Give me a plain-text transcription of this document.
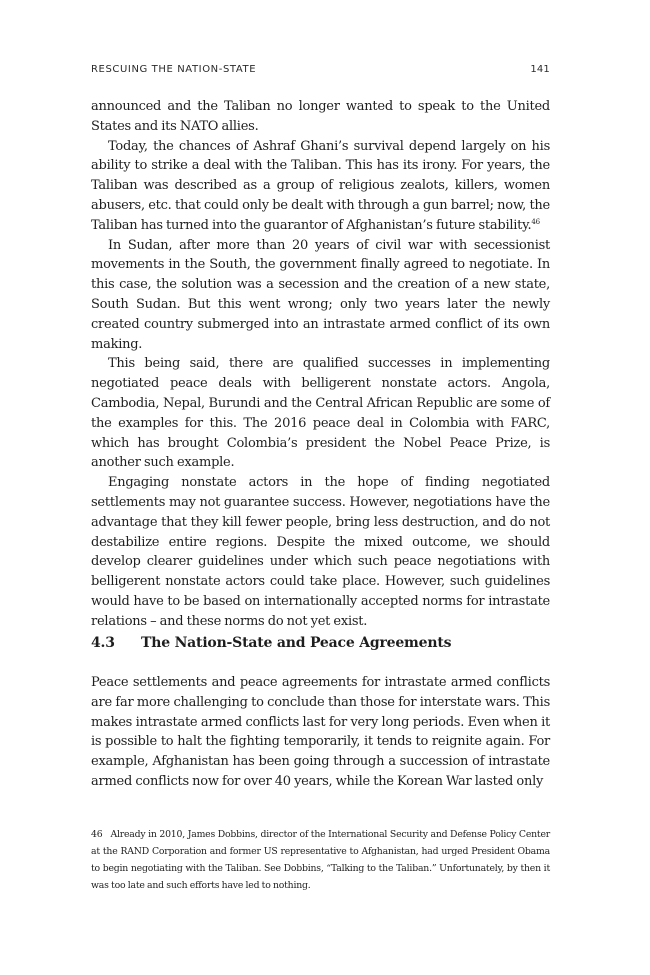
RESCUING THE NATION-STATE	141

announced and the Taliban no longer wanted to speak to the United States and its NATO allies.

Today, the chances of Ashraf Ghani’s survival depend largely on his ability to strike a deal with the Taliban. This has its irony. For years, the Taliban was described as a group of religious zealots, killers, women abusers, etc. that could only be dealt with through a gun barrel; now, the Taliban has turned into the guarantor of Afghanistan’s future stability.$^{46}$

In Sudan, after more than 20 years of civil war with secessionist movements in the South, the government finally agreed to negotiate. In this case, the solution was a secession and the creation of a new state, South Sudan. But this went wrong; only two years later the newly created country submerged into an intrastate armed conflict of its own making.

This being said, there are qualified successes in implementing negotiated peace deals with belligerent nonstate actors. Angola, Cambodia, Nepal, Burundi and the Central African Republic are some of the examples for this. The 2016 peace deal in Colombia with FARC, which has brought Colombia’s president the Nobel Peace Prize, is another such example.

Engaging nonstate actors in the hope of finding negotiated settlements may not guarantee success. However, negotiations have the advantage that they kill fewer people, bring less destruction, and do not destabilize entire regions. Despite the mixed outcome, we should develop clearer guidelines under which such peace negotiations with belligerent nonstate actors could take place. However, such guidelines would have to be based on internationally accepted norms for intrastate relations – and these norms do not yet exist.

4.3 The Nation-State and Peace Agreements

Peace settlements and peace agreements for intrastate armed conflicts are far more challenging to conclude than those for interstate wars. This makes intrastate armed conflicts last for very long periods. Even when it is possible to halt the fighting temporarily, it tends to reignite again. For example, Afghanistan has been going through a succession of intrastate armed conflicts now for over 40 years, while the Korean War lasted only

46 Already in 2010, James Dobbins, director of the International Security and Defense Policy Center at the RAND Corporation and former US representative to Afghanistan, had urged President Obama to begin negotiating with the Taliban. See Dobbins, “Talking to the Taliban.” Unfortunately, by then it was too late and such efforts have led to nothing.
